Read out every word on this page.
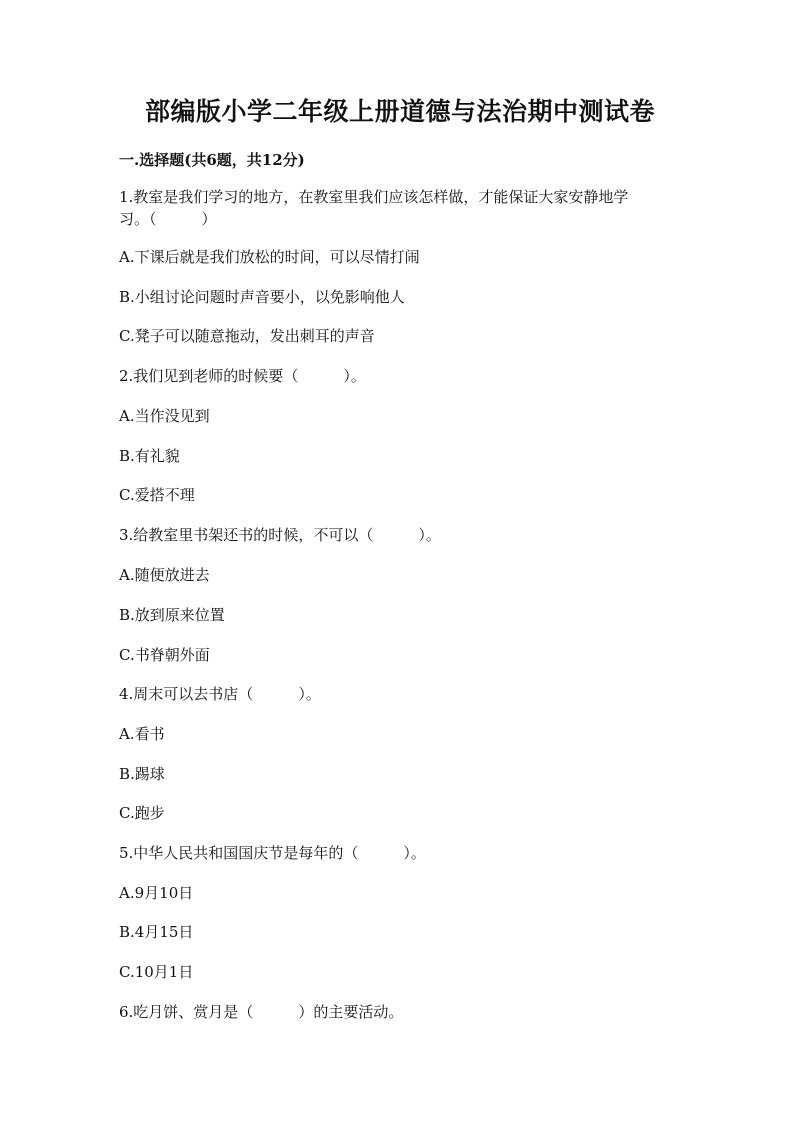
部编版小学二年级上册道德与法治期中测试卷
一.选择题(共6题，共12分)

1.教室是我们学习的地方，在教室里我们应该怎样做，才能保证大家安静地学

习。（　　　）

A.下课后就是我们放松的时间，可以尽情打闹

B.小组讨论问题时声音要小，以免影响他人

C.凳子可以随意拖动，发出刺耳的声音

2.我们见到老师的时候要（　　　）。

A.当作没见到

B.有礼貌

C.爱搭不理

3.给教室里书架还书的时候，不可以（　　　）。

A.随便放进去

B.放到原来位置

C.书脊朝外面

4.周末可以去书店（　　　）。

A.看书

B.踢球

C.跑步

5.中华人民共和国国庆节是每年的（　　　）。

A.9月10日

B.4月15日

C.10月1日

6.吃月饼、赏月是（　　　）的主要活动。
